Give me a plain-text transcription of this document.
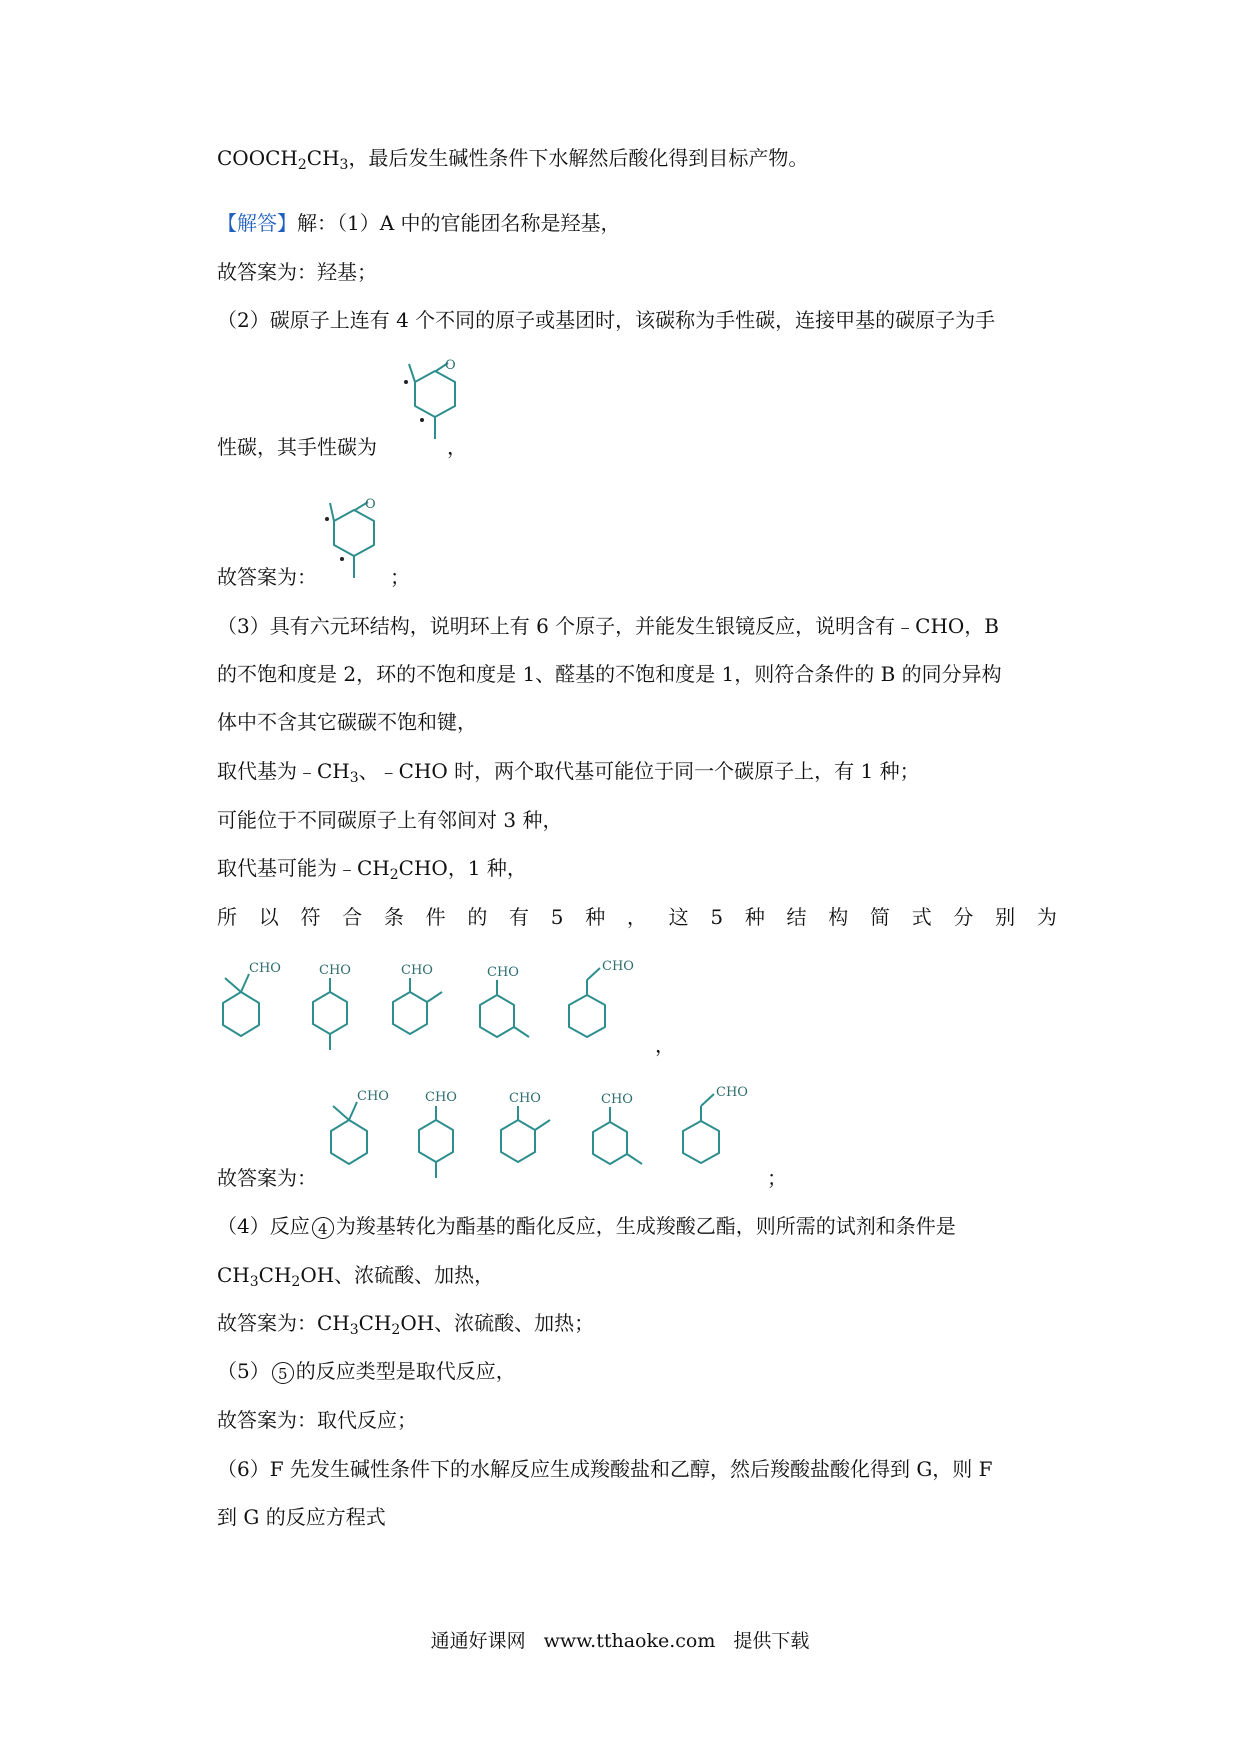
$COOCH_2CH_3$，最后发生碱性条件下水解然后酸化得到目标产物。
【解答】解：（1）A 中的官能团名称是羟基，
故答案为：羟基；
（2）碳原子上连有 4 个不同的原子或基团时，该碳称为手性碳，连接甲基的碳原子为手
性碳，其手性碳为	，
O
故答案为：	；
O
（3）具有六元环结构，说明环上有 6 个原子，并能发生银镜反应，说明含有﹣CHO，B
的不饱和度是 2，环的不饱和度是 1、醛基的不饱和度是 1，则符合条件的 B 的同分异构
体中不含其它碳碳不饱和键，
取代基为$﹣CH_3$、﹣CHO 时，两个取代基可能位于同一个碳原子上，有 1 种；
可能位于不同碳原子上有邻间对 3 种，
取代基可能为$﹣CH_2CHO$，1 种，
所 以 符 合 条 件 的 有 5 种 ， 这 5 种 结 构 简 式 分 别 为
CHO	CHO	CHO	CHO	CHO
，
故答案为：	；
CHO	CHO	CHO	CHO	CHO
（4）反应 4 为羧基转化为酯基的酯化反应，生成羧酸乙酯，则所需的试剂和条件是
$CH_3CH_2OH$、浓硫酸、加热，
故答案为：$CH_3CH_2OH$、浓硫酸、加热；
（5） 5 的反应类型是取代反应，
故答案为：取代反应；
（6）F 先发生碱性条件下的水解反应生成羧酸盐和乙醇，然后羧酸盐酸化得到 G，则 F
到 G 的反应方程式
通通好课网 www.tthaoke.com 提供下载
